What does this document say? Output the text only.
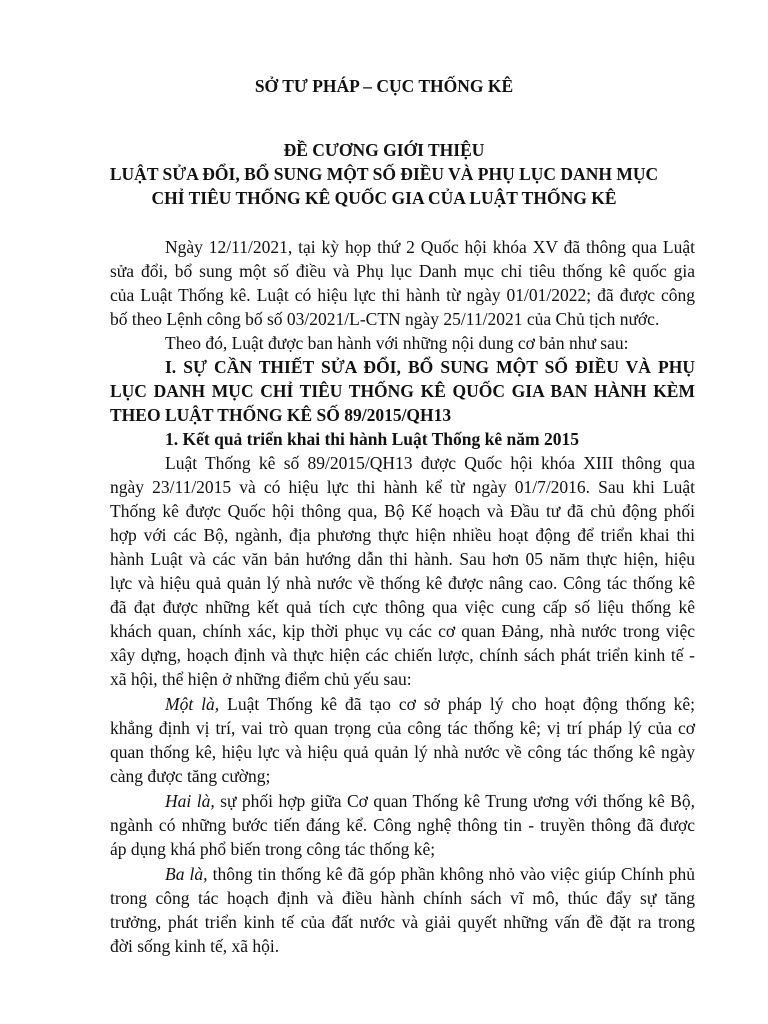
SỞ TƯ PHÁP – CỤC THỐNG KÊ
ĐỀ CƯƠNG GIỚI THIỆU
LUẬT SỬA ĐỔI, BỔ SUNG MỘT SỐ ĐIỀU VÀ PHỤ LỤC DANH MỤC
CHỈ TIÊU THỐNG KÊ QUỐC GIA CỦA LUẬT THỐNG KÊ
Ngày 12/11/2021, tại kỳ họp thứ 2 Quốc hội khóa XV đã thông qua Luật
sửa đổi, bổ sung một số điều và Phụ lục Danh mục chỉ tiêu thống kê quốc gia
của Luật Thống kê. Luật có hiệu lực thi hành từ ngày 01/01/2022; đã được công
bố theo Lệnh công bố số 03/2021/L-CTN ngày 25/11/2021 của Chủ tịch nước.
Theo đó, Luật được ban hành với những nội dung cơ bản như sau:
I. SỰ CẦN THIẾT SỬA ĐỔI, BỔ SUNG MỘT SỐ ĐIỀU VÀ PHỤ
LỤC DANH MỤC CHỈ TIÊU THỐNG KÊ QUỐC GIA BAN HÀNH KÈM
THEO LUẬT THỐNG KÊ SỐ 89/2015/QH13
1. Kết quả triển khai thi hành Luật Thống kê năm 2015
Luật Thống kê số 89/2015/QH13 được Quốc hội khóa XIII thông qua
ngày 23/11/2015 và có hiệu lực thi hành kể từ ngày 01/7/2016. Sau khi Luật
Thống kê được Quốc hội thông qua, Bộ Kế hoạch và Đầu tư đã chủ động phối
hợp với các Bộ, ngành, địa phương thực hiện nhiều hoạt động để triển khai thi
hành Luật và các văn bản hướng dẫn thi hành. Sau hơn 05 năm thực hiện, hiệu
lực và hiệu quả quản lý nhà nước về thống kê được nâng cao. Công tác thống kê
đã đạt được những kết quả tích cực thông qua việc cung cấp số liệu thống kê
khách quan, chính xác, kịp thời phục vụ các cơ quan Đảng, nhà nước trong việc
xây dựng, hoạch định và thực hiện các chiến lược, chính sách phát triển kinh tế -
xã hội, thể hiện ở những điểm chủ yếu sau:
Một là, Luật Thống kê đã tạo cơ sở pháp lý cho hoạt động thống kê;
khẳng định vị trí, vai trò quan trọng của công tác thống kê; vị trí pháp lý của cơ
quan thống kê, hiệu lực và hiệu quả quản lý nhà nước về công tác thống kê ngày
càng được tăng cường;
Hai là, sự phối hợp giữa Cơ quan Thống kê Trung ương với thống kê Bộ,
ngành có những bước tiến đáng kể. Công nghệ thông tin - truyền thông đã được
áp dụng khá phổ biến trong công tác thống kê;
Ba là, thông tin thống kê đã góp phần không nhỏ vào việc giúp Chính phủ
trong công tác hoạch định và điều hành chính sách vĩ mô, thúc đẩy sự tăng
trưởng, phát triển kinh tế của đất nước và giải quyết những vấn đề đặt ra trong
đời sống kinh tế, xã hội.
